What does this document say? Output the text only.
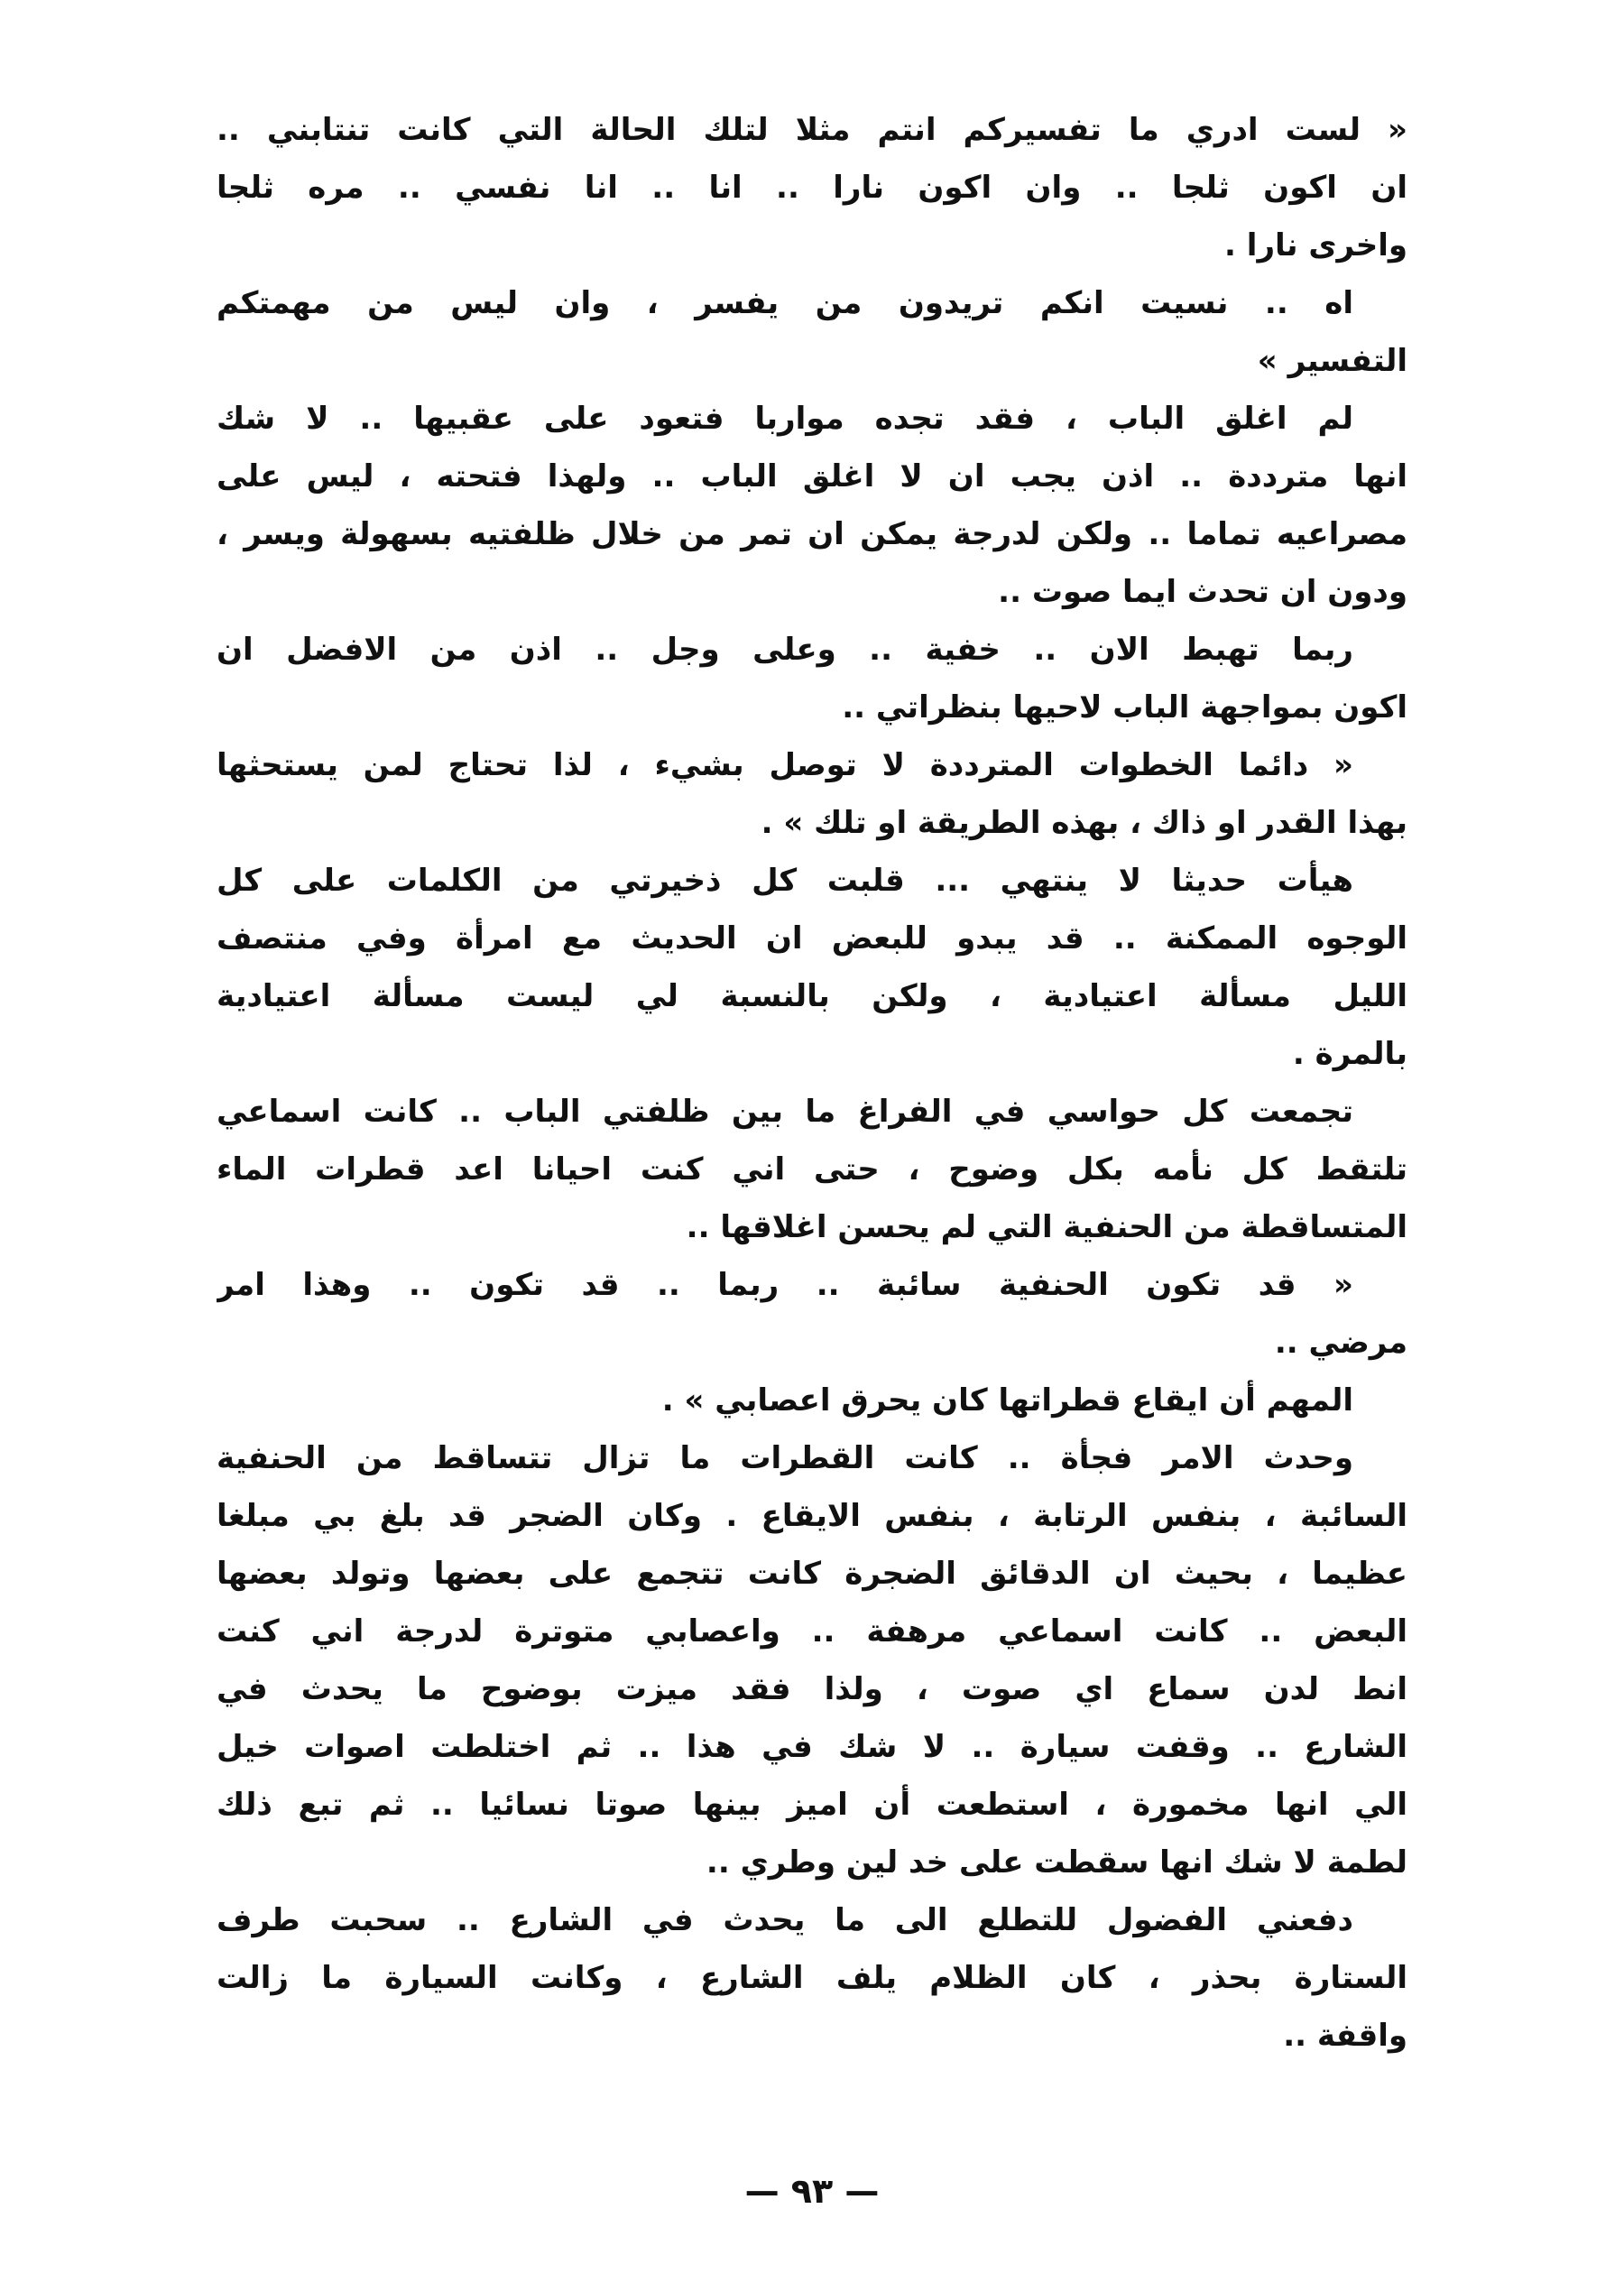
« لست ادري ما تفسيركم انتم مثلا لتلك الحالة التي كانت تنتابني ..
ان اكون ثلجا .. وان اكون نارا .. انا .. انا نفسي .. مره ثلجا
واخرى نارا .
اه .. نسيت انكم تريدون من يفسر ، وان ليس من مهمتكم
التفسير »
لم اغلق الباب ، فقد تجده مواربا فتعود على عقبيها .. لا شك
انها مترددة .. اذن يجب ان لا اغلق الباب .. ولهذا فتحته ، ليس على
مصراعيه تماما .. ولكن لدرجة يمكن ان تمر من خلال ظلفتيه بسهولة ويسر ،
ودون ان تحدث ايما صوت ..
ربما تهبط الان .. خفية .. وعلى وجل .. اذن من الافضل ان
اكون بمواجهة الباب لاحيها بنظراتي ..
« دائما الخطوات المترددة لا توصل بشيء ، لذا تحتاج لمن يستحثها
بهذا القدر او ذاك ، بهذه الطريقة او تلك » .
هيأت حديثا لا ينتهي ... قلبت كل ذخيرتي من الكلمات على كل
الوجوه الممكنة .. قد يبدو للبعض ان الحديث مع امرأة وفي منتصف
الليل مسألة اعتيادية ، ولكن بالنسبة لي ليست مسألة اعتيادية
بالمرة .
تجمعت كل حواسي في الفراغ ما بين ظلفتي الباب .. كانت اسماعي
تلتقط كل نأمه بكل وضوح ، حتى اني كنت احيانا اعد قطرات الماء
المتساقطة من الحنفية التي لم يحسن اغلاقها ..
« قد تكون الحنفية سائبة .. ربما .. قد تكون .. وهذا امر
مرضي ..
المهم أن ايقاع قطراتها كان يحرق اعصابي » .
وحدث الامر فجأة .. كانت القطرات ما تزال تتساقط من الحنفية
السائبة ، بنفس الرتابة ، بنفس الايقاع . وكان الضجر قد بلغ بي مبلغا
عظيما ، بحيث ان الدقائق الضجرة كانت تتجمع على بعضها وتولد بعضها
البعض .. كانت اسماعي مرهفة .. واعصابي متوترة لدرجة اني كنت
انط لدن سماع اي صوت ، ولذا فقد ميزت بوضوح ما يحدث في
الشارع .. وقفت سيارة .. لا شك في هذا .. ثم اختلطت اصوات خيل
الي انها مخمورة ، استطعت أن اميز بينها صوتا نسائيا .. ثم تبع ذلك
لطمة لا شك انها سقطت على خد لين وطري ..
دفعني الفضول للتطلع الى ما يحدث في الشارع .. سحبت طرف
الستارة بحذر ، كان الظلام يلف الشارع ، وكانت السيارة ما زالت
واقفة ..
— ٩٣ —
